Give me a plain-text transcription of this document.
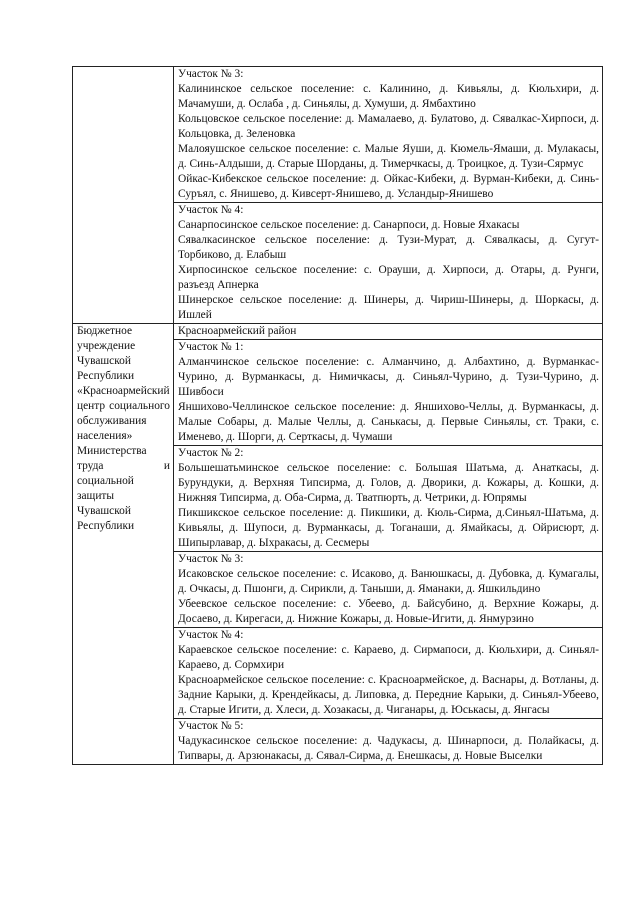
	Участок № 3:
Калининское сельское поселение: с. Калинино, д. Кивьялы, д. Кюльхири, д. Мачамуши, д. Ослаба , д. Синьялы, д. Хумуши, д. Ямбахтино
Кольцовское сельское поселение: д. Мамалаево, д. Булатово, д. Сявалкас-Хирпоси, д. Кольцовка, д. Зеленовка
Малояушское сельское поселение: с. Малые Яуши, д. Кюмель-Ямаши, д. Мулакасы, д. Синь-Алдыши, д. Старые Шорданы, д. Тимерчкасы, д. Троицкое, д. Тузи-Сярмус
Ойкас-Кибекское сельское поселение: д. Ойкас-Кибеки, д. Вурман-Кибеки, д. Синь-Суръял, с. Янишево, д. Кивсерт-Янишево, д. Усландыр-Янишево

	Участок № 4:
Санарпосинское сельское поселение: д. Санарпоси, д. Новые Яхакасы
Сявалкасинское сельское поселение: д. Тузи-Мурат, д. Сявалкасы, д. Сугут-Торбиково, д. Елабыш
Хирпосинское сельское поселение: с. Орауши, д. Хирпоси, д. Отары, д. Рунги, разъезд Апнерка
Шинерское сельское поселение: д. Шинеры, д. Чириш-Шинеры, д. Шоркасы, д. Ишлей

Бюджетное учреждение Чувашской Республики «Красноармейский центр социального обслуживания населения» Министерства труда и социальной защиты Чувашской Республики	Красноармейский район

	Участок № 1:
Алманчинское сельское поселение: с. Алманчино, д. Албахтино, д. Вурманкас-Чурино, д. Вурманкасы, д. Нимичкасы, д. Синьял-Чурино, д. Тузи-Чурино, д. Шивбоси
Яншихово-Челлинское сельское поселение: д. Яншихово-Челлы, д. Вурманкасы, д. Малые Собары, д. Малые Челлы, д. Санькасы, д. Первые Синьялы, ст. Траки, с. Именево, д. Шорги, д. Серткасы, д. Чумаши

	Участок № 2:
Большешатьминское сельское поселение: с. Большая Шатьма, д. Анаткасы, д. Бурундуки, д. Верхняя Типсирма, д. Голов, д. Дворики, д. Кожары, д. Кошки, д. Нижняя Типсирма, д. Оба-Сирма, д. Тватпюрть, д. Четрики, д. Юпрямы
Пикшикское сельское поселение: д. Пикшики, д. Кюль-Сирма, д.Синьял-Шатьма, д. Кивьялы, д. Шупоси, д. Вурманкасы, д. Тоганаши, д. Ямайкасы, д. Ойрисюрт, д. Шипырлавар, д. Ыхракасы, д. Сесмеры

	Участок № 3:
Исаковское сельское поселение: с. Исаково, д. Ванюшкасы, д. Дубовка, д. Кумагалы, д. Очкасы, д. Пшонги, д. Сирикли, д. Таныши, д. Яманаки, д. Яшкильдино
Убеевское сельское поселение: с. Убеево, д. Байсубино, д. Верхние Кожары, д. Досаево, д. Кирегаси, д. Нижние Кожары, д. Новые-Игити, д. Янмурзино

	Участок № 4:
Караевское сельское поселение: с. Караево, д. Сирмапоси, д. Кюльхири, д. Синьял-Караево, д. Сормхири
Красноармейское сельское поселение: с. Красноармейское, д. Васнары, д. Вотланы, д. Задние Карыки, д. Крендейкасы, д. Липовка, д. Передние Карыки, д. Синьял-Убеево, д. Старые Игити, д. Хлеси, д. Хозакасы, д. Чиганары, д. Юськасы, д. Янгасы

	Участок № 5:
Чадукасинское сельское поселение: д. Чадукасы, д. Шинарпоси, д. Полайкасы, д. Типвары, д. Арзюнакасы, д. Сявал-Сирма, д. Енешкасы, д. Новые Выселки
